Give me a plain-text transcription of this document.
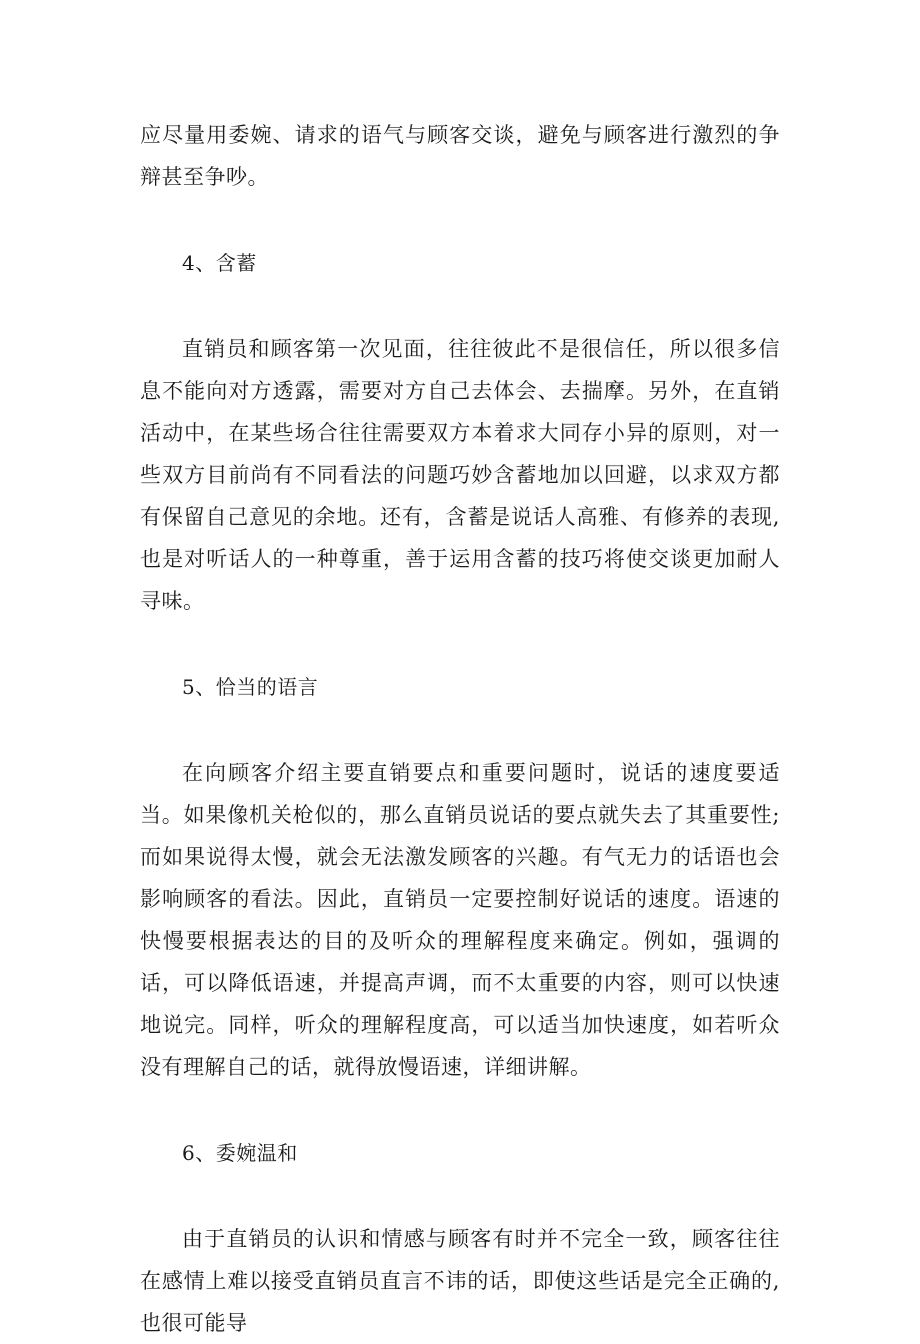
应尽量用委婉、请求的语气与顾客交谈，避免与顾客进行激烈的争辩甚至争吵。

4、含蓄

直销员和顾客第一次见面，往往彼此不是很信任，所以很多信息不能向对方透露，需要对方自己去体会、去揣摩。另外，在直销活动中，在某些场合往往需要双方本着求大同存小异的原则，对一些双方目前尚有不同看法的问题巧妙含蓄地加以回避，以求双方都有保留自己意见的余地。还有，含蓄是说话人高雅、有修养的表现,也是对听话人的一种尊重，善于运用含蓄的技巧将使交谈更加耐人寻味。

5、恰当的语言

在向顾客介绍主要直销要点和重要问题时，说话的速度要适当。如果像机关枪似的，那么直销员说话的要点就失去了其重要性;而如果说得太慢，就会无法激发顾客的兴趣。有气无力的话语也会影响顾客的看法。因此，直销员一定要控制好说话的速度。语速的快慢要根据表达的目的及听众的理解程度来确定。例如，强调的话，可以降低语速，并提高声调，而不太重要的内容，则可以快速地说完。同样，听众的理解程度高，可以适当加快速度，如若听众没有理解自己的话，就得放慢语速，详细讲解。

6、委婉温和

由于直销员的认识和情感与顾客有时并不完全一致，顾客往往在感情上难以接受直销员直言不讳的话，即使这些话是完全正确的,也很可能导
